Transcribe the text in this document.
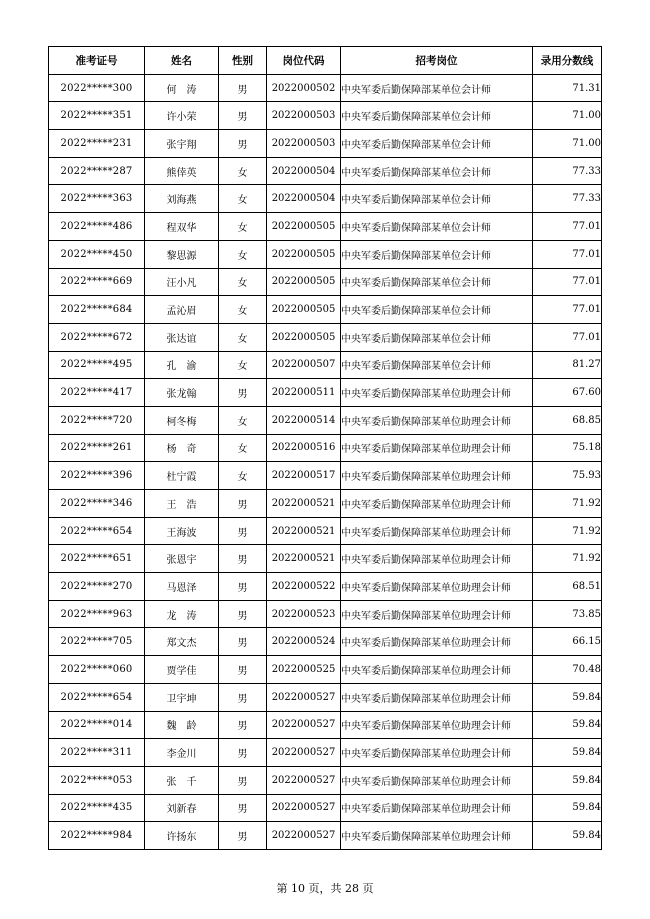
准考证号	姓名	性别	岗位代码	招考岗位	录用分数线
2022*****300	何　涛	男	2022000502	中央军委后勤保障部某单位会计师	71.31
2022*****351	许小荣	男	2022000503	中央军委后勤保障部某单位会计师	71.00
2022*****231	张宇翔	男	2022000503	中央军委后勤保障部某单位会计师	71.00
2022*****287	熊倖英	女	2022000504	中央军委后勤保障部某单位会计师	77.33
2022*****363	刘海燕	女	2022000504	中央军委后勤保障部某单位会计师	77.33
2022*****486	程双华	女	2022000505	中央军委后勤保障部某单位会计师	77.01
2022*****450	黎思源	女	2022000505	中央军委后勤保障部某单位会计师	77.01
2022*****669	汪小凡	女	2022000505	中央军委后勤保障部某单位会计师	77.01
2022*****684	孟沁眉	女	2022000505	中央军委后勤保障部某单位会计师	77.01
2022*****672	张达谊	女	2022000505	中央军委后勤保障部某单位会计师	77.01
2022*****495	孔　渝	女	2022000507	中央军委后勤保障部某单位会计师	81.27
2022*****417	张龙翰	男	2022000511	中央军委后勤保障部某单位助理会计师	67.60
2022*****720	柯冬梅	女	2022000514	中央军委后勤保障部某单位助理会计师	68.85
2022*****261	杨　奇	女	2022000516	中央军委后勤保障部某单位助理会计师	75.18
2022*****396	杜宁霞	女	2022000517	中央军委后勤保障部某单位助理会计师	75.93
2022*****346	王　浩	男	2022000521	中央军委后勤保障部某单位助理会计师	71.92
2022*****654	王海波	男	2022000521	中央军委后勤保障部某单位助理会计师	71.92
2022*****651	张恩宇	男	2022000521	中央军委后勤保障部某单位助理会计师	71.92
2022*****270	马恩泽	男	2022000522	中央军委后勤保障部某单位助理会计师	68.51
2022*****963	龙　涛	男	2022000523	中央军委后勤保障部某单位助理会计师	73.85
2022*****705	郑文杰	男	2022000524	中央军委后勤保障部某单位助理会计师	66.15
2022*****060	贾学佳	男	2022000525	中央军委后勤保障部某单位助理会计师	70.48
2022*****654	卫宇坤	男	2022000527	中央军委后勤保障部某单位助理会计师	59.84
2022*****014	魏　龄	男	2022000527	中央军委后勤保障部某单位助理会计师	59.84
2022*****311	李金川	男	2022000527	中央军委后勤保障部某单位助理会计师	59.84
2022*****053	张　千	男	2022000527	中央军委后勤保障部某单位助理会计师	59.84
2022*****435	刘新春	男	2022000527	中央军委后勤保障部某单位助理会计师	59.84
2022*****984	许扬东	男	2022000527	中央军委后勤保障部某单位助理会计师	59.84
第 10 页，共 28 页
